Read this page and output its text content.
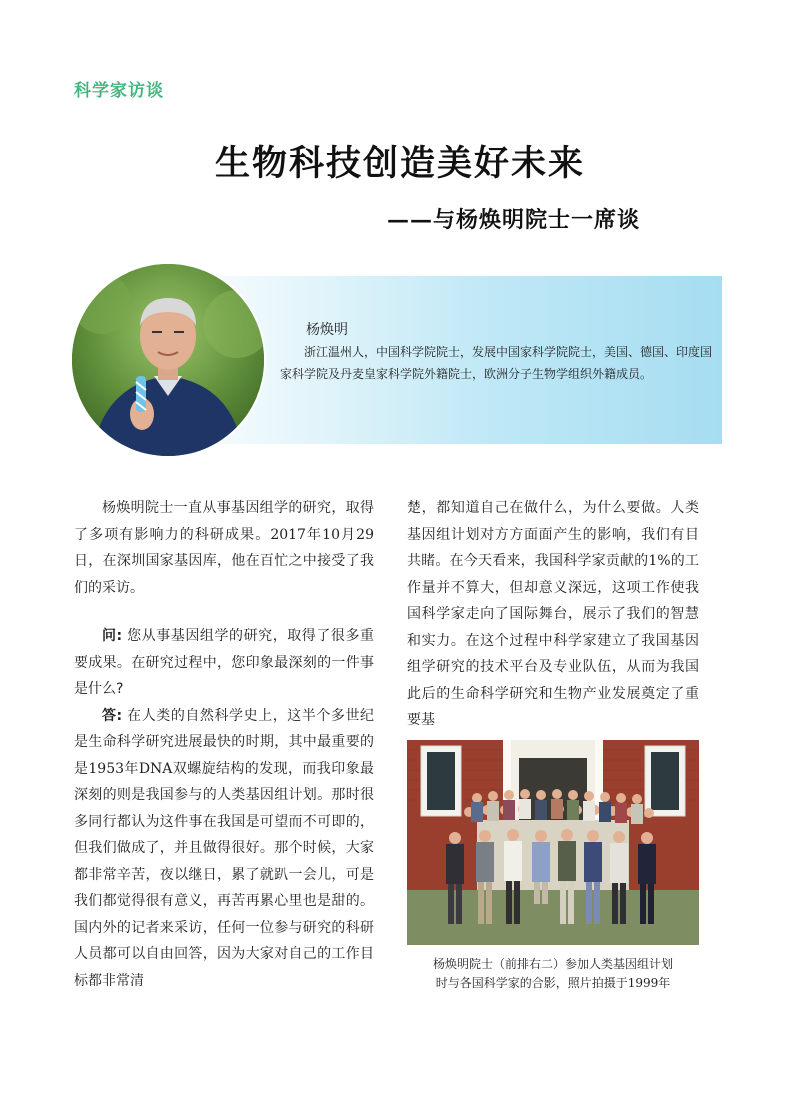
科学家访谈
生物科技创造美好未来
——与杨焕明院士一席谈
杨焕明
浙江温州人，中国科学院院士，发展中国家科学院院士，美国、德国、印度国家科学院及丹麦皇家科学院外籍院士，欧洲分子生物学组织外籍成员。

杨焕明院士一直从事基因组学的研究，取得了多项有影响力的科研成果。2017年10月29日，在深圳国家基因库，他在百忙之中接受了我们的采访。

问: 您从事基因组学的研究，取得了很多重要成果。在研究过程中，您印象最深刻的一件事是什么?

答: 在人类的自然科学史上，这半个多世纪是生命科学研究进展最快的时期，其中最重要的是1953年DNA双螺旋结构的发现，而我印象最深刻的则是我国参与的人类基因组计划。那时很多同行都认为这件事在我国是可望而不可即的，但我们做成了，并且做得很好。那个时候，大家都非常辛苦，夜以继日，累了就趴一会儿，可是我们都觉得很有意义，再苦再累心里也是甜的。国内外的记者来采访，任何一位参与研究的科研人员都可以自由回答，因为大家对自己的工作目标都非常清

楚，都知道自己在做什么，为什么要做。人类基因组计划对方方面面产生的影响，我们有目共睹。在今天看来，我国科学家贡献的1%的工作量并不算大，但却意义深远，这项工作使我国科学家走向了国际舞台，展示了我们的智慧和实力。在这个过程中科学家建立了我国基因组学研究的技术平台及专业队伍，从而为我国此后的生命科学研究和生物产业发展奠定了重要基

杨焕明院士（前排右二）参加人类基因组计划
时与各国科学家的合影，照片拍摄于1999年
